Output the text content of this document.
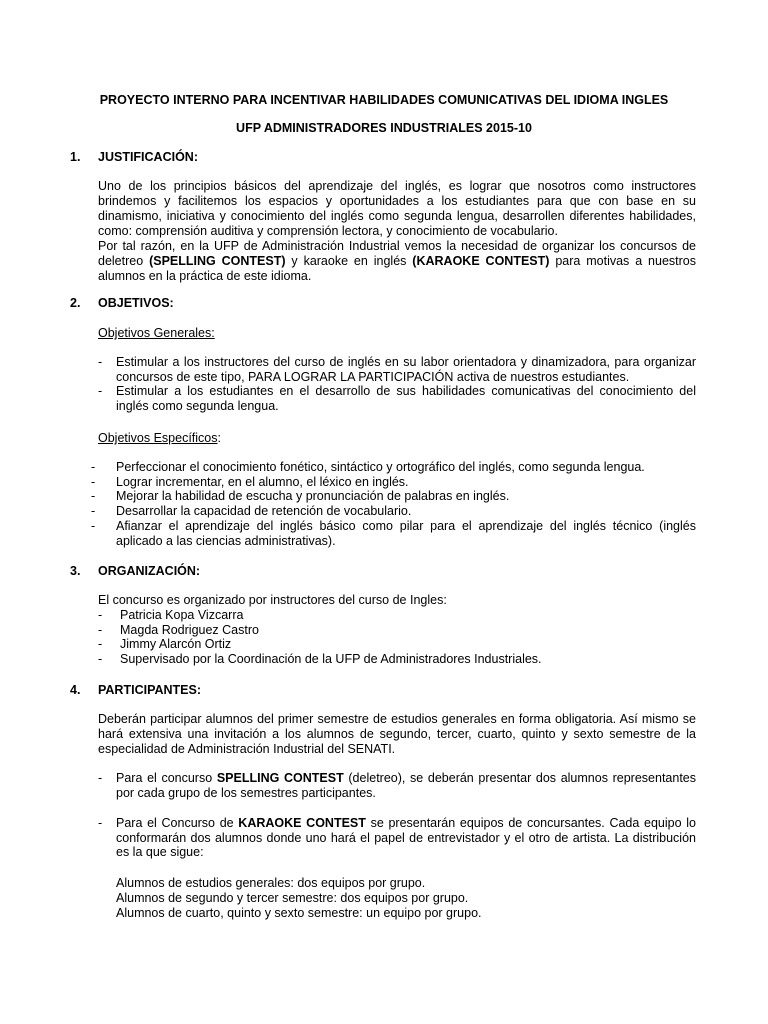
PROYECTO INTERNO PARA INCENTIVAR HABILIDADES COMUNICATIVAS DEL IDIOMA INGLES
UFP ADMINISTRADORES INDUSTRIALES 2015-10
1. JUSTIFICACIÓN:
Uno de los principios básicos del aprendizaje del inglés, es lograr que nosotros como instructores brindemos y facilitemos los espacios y oportunidades a los estudiantes para que con base en su dinamismo, iniciativa y conocimiento del inglés como segunda lengua, desarrollen diferentes habilidades, como: comprensión auditiva y comprensión lectora, y conocimiento de vocabulario.
Por tal razón, en la UFP de Administración Industrial vemos la necesidad de organizar los concursos de deletreo (SPELLING CONTEST) y karaoke en inglés (KARAOKE CONTEST) para motivas a nuestros alumnos en la práctica de este idioma.
2. OBJETIVOS:
Objetivos Generales:
- Estimular a los instructores del curso de inglés en su labor orientadora y dinamizadora, para organizar concursos de este tipo, PARA LOGRAR LA PARTICIPACIÓN activa de nuestros estudiantes.
- Estimular a los estudiantes en el desarrollo de sus habilidades comunicativas del conocimiento del inglés como segunda lengua.
Objetivos Específicos:
- Perfeccionar el conocimiento fonético, sintáctico y ortográfico del inglés, como segunda lengua.
- Lograr incrementar, en el alumno, el léxico en inglés.
- Mejorar la habilidad de escucha y pronunciación de palabras en inglés.
- Desarrollar la capacidad de retención de vocabulario.
- Afianzar el aprendizaje del inglés básico como pilar para el aprendizaje del inglés técnico (inglés aplicado a las ciencias administrativas).
3. ORGANIZACIÓN:
El concurso es organizado por instructores del curso de Ingles:
- Patricia Kopa Vizcarra
- Magda Rodriguez Castro
- Jimmy Alarcón Ortiz
- Supervisado por la Coordinación de la UFP de Administradores Industriales.
4. PARTICIPANTES:
Deberán participar alumnos del primer semestre de estudios generales en forma obligatoria. Así mismo se hará extensiva una invitación a los alumnos de segundo, tercer, cuarto, quinto y sexto semestre de la especialidad de Administración Industrial del SENATI.
- Para el concurso SPELLING CONTEST (deletreo), se deberán presentar dos alumnos representantes por cada grupo de los semestres participantes.
- Para el Concurso de KARAOKE CONTEST se presentarán equipos de concursantes. Cada equipo lo conformarán dos alumnos donde uno hará el papel de entrevistador y el otro de artista. La distribución es la que sigue:
Alumnos de estudios generales: dos equipos por grupo.
Alumnos de segundo y tercer semestre: dos equipos por grupo.
Alumnos de cuarto, quinto y sexto semestre: un equipo por grupo.
